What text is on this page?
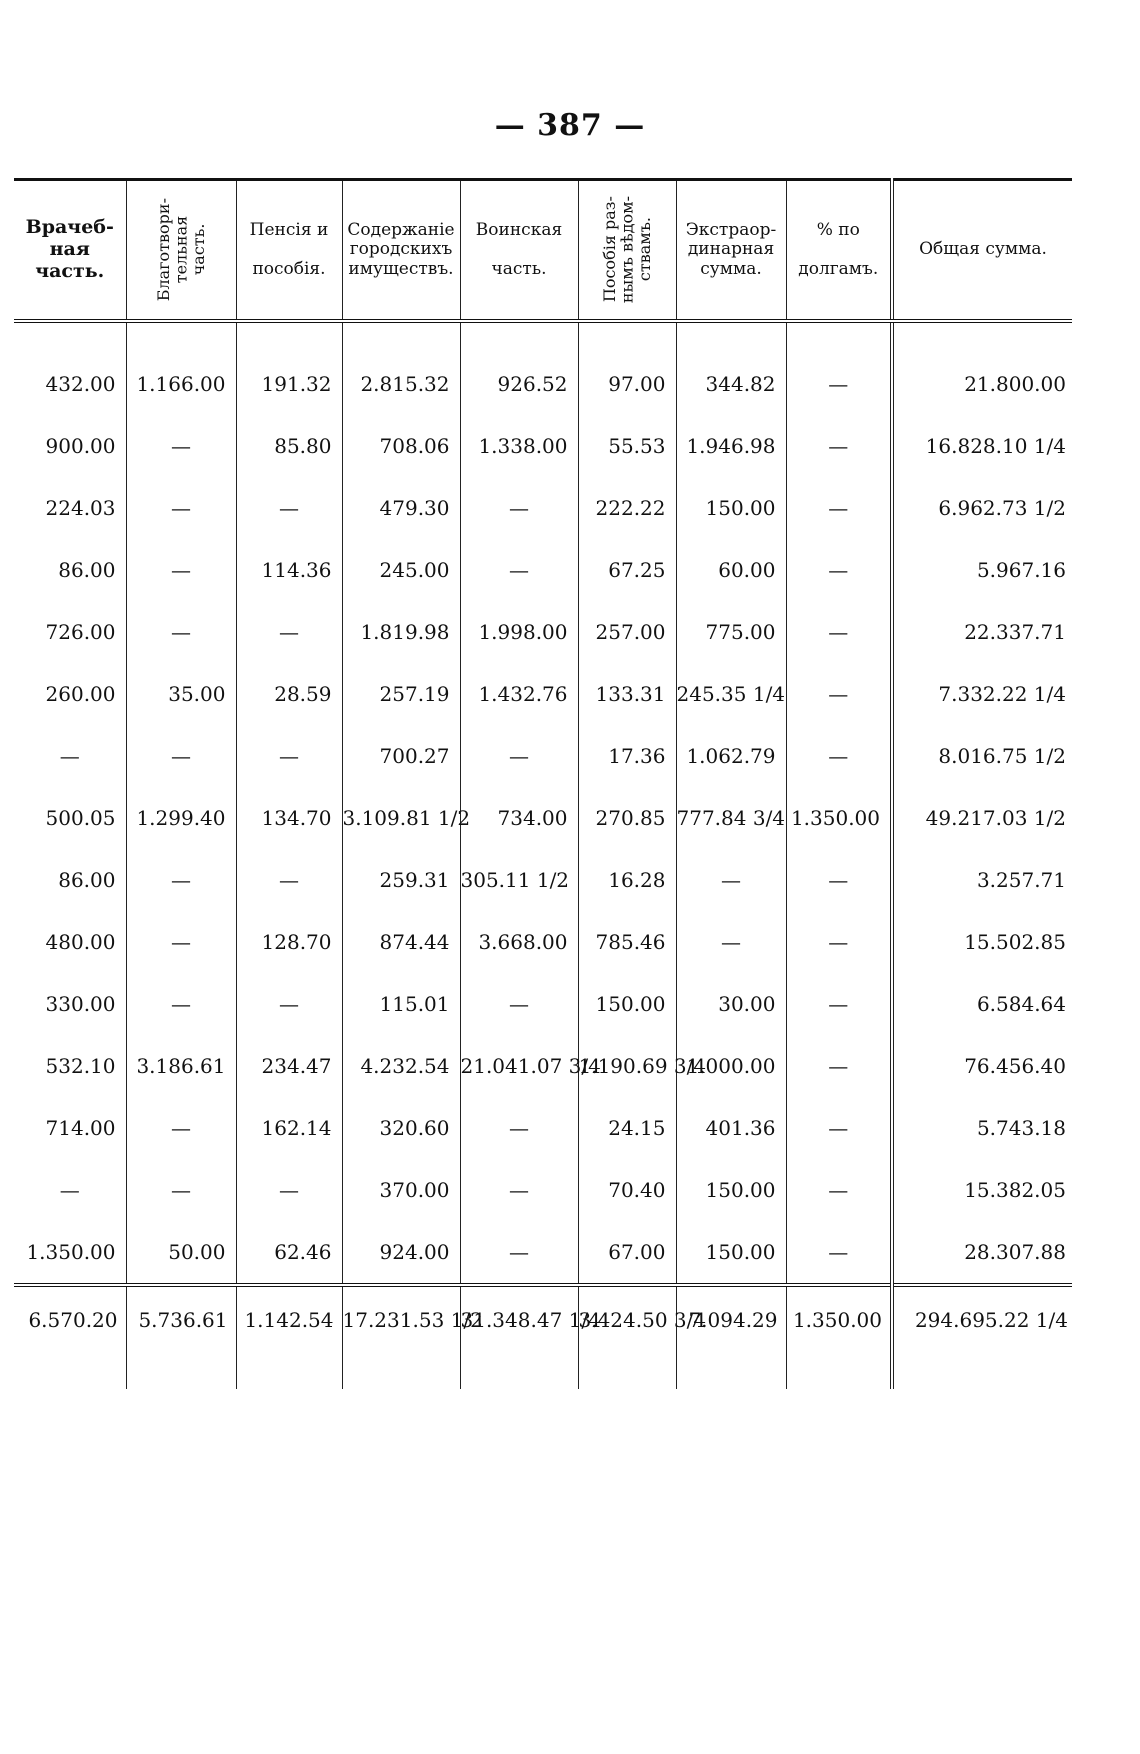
— 387 —
Врачеб-
ная
часть.	Благотвори-
тельная
часть.	Пенсія и

пособія.	Содержаніе
городскихъ
имуществъ.	Воинская

часть.	Пособія раз-
нымъ вѣдом-
ствамъ.	Экстраор-
динарная
сумма.	% по

долгамъ.	Общая сумма.

432.00	1.166.00	191.32	2.815.32	926.52	97.00	344.82	—	21.800.00
900.00	—	85.80	708.06	1.338.00	55.53	1.946.98	—	16.828.10 1/4
224.03	—	—	479.30	—	222.22	150.00	—	6.962.73 1/2
86.00	—	114.36	245.00	—	67.25	60.00	—	5.967.16
726.00	—	—	1.819.98	1.998.00	257.00	775.00	—	22.337.71
260.00	35.00	28.59	257.19	1.432.76	133.31	245.35 1/4	—	7.332.22 1/4
—	—	—	700.27	—	17.36	1.062.79	—	8.016.75 1/2
500.05	1.299.40	134.70	3.109.81 1/2	734.00	270.85	777.84 3/4	1.350.00	49.217.03 1/2
86.00	—	—	259.31	305.11 1/2	16.28	—	—	3.257.71
480.00	—	128.70	874.44	3.668.00	785.46	—	—	15.502.85
330.00	—	—	115.01	—	150.00	30.00	—	6.584.64
532.10	3.186.61	234.47	4.232.54	21.041.07 3/4	1.190.69 3/4	1.000.00	—	76.456.40
714.00	—	162.14	320.60	—	24.15	401.36	—	5.743.18
—	—	—	370.00	—	70.40	150.00	—	15.382.05
1.350.00	50.00	62.46	924.00	—	67.00	150.00	—	28.307.88
6.570.20	5.736.61	1.142.54	17.231.53 1/2	31.348.47 1/4	3.424.50 3/4	7.094.29	1.350.00	294.695.22 1/4
